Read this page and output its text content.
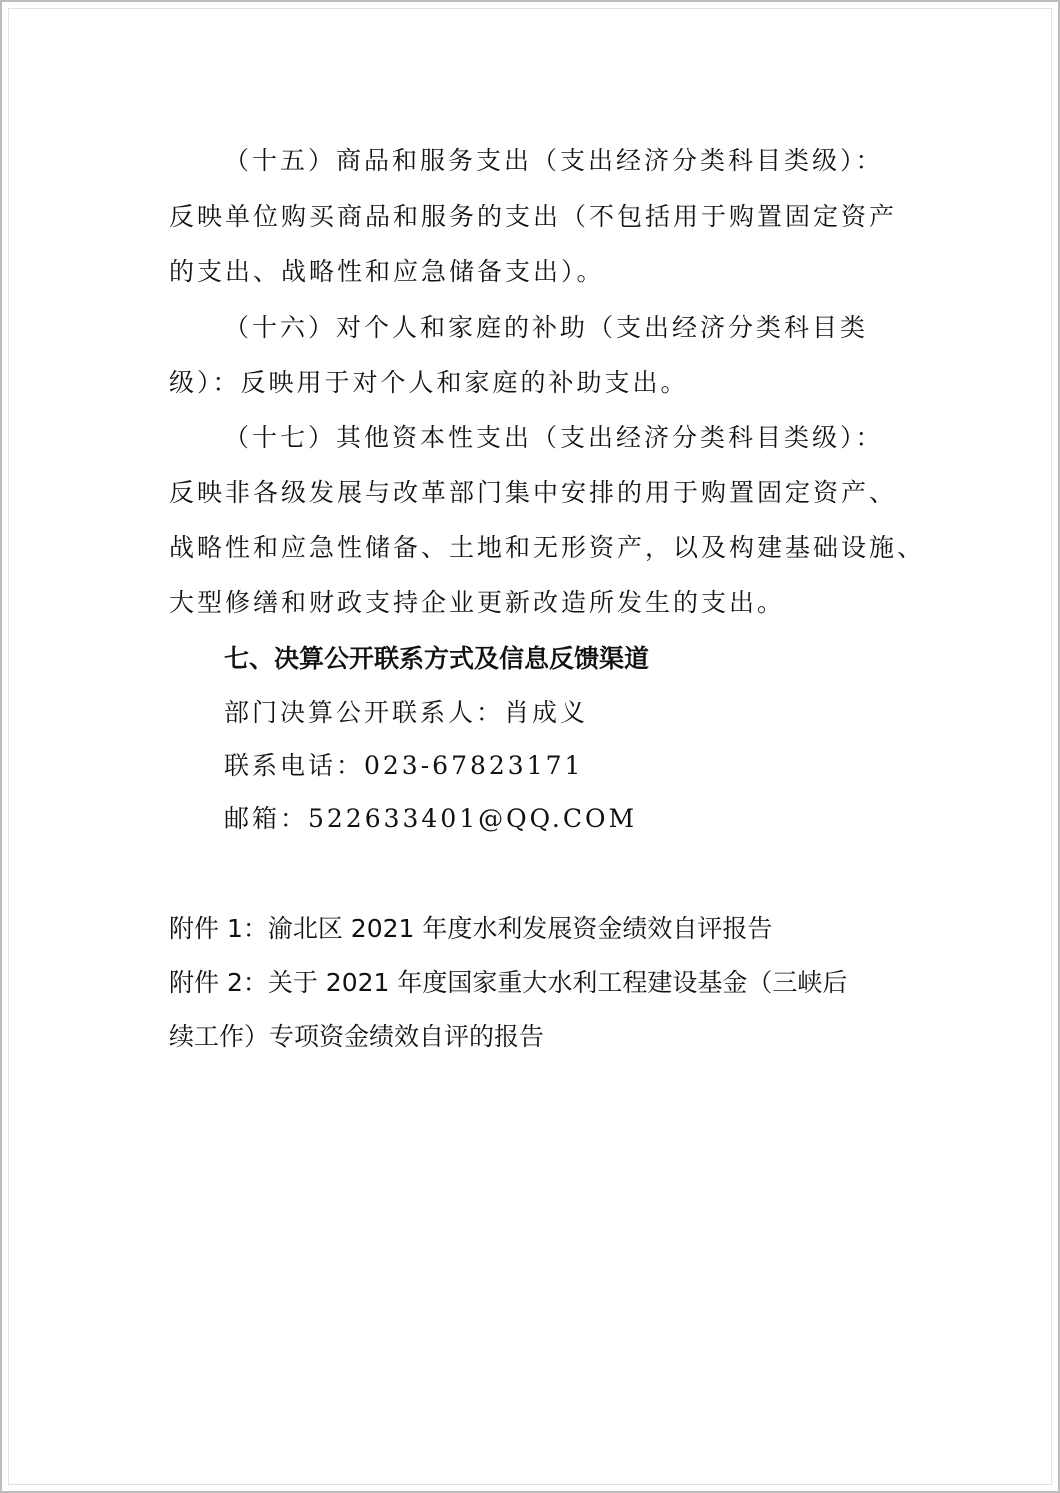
（十五）商品和服务支出（支出经济分类科目类级）：
反映单位购买商品和服务的支出（不包括用于购置固定资产
的支出、战略性和应急储备支出）。
（十六）对个人和家庭的补助（支出经济分类科目类
级）：反映用于对个人和家庭的补助支出。
（十七）其他资本性支出（支出经济分类科目类级）：
反映非各级发展与改革部门集中安排的用于购置固定资产、
战略性和应急性储备、土地和无形资产，以及构建基础设施、
大型修缮和财政支持企业更新改造所发生的支出。
七、决算公开联系方式及信息反馈渠道
部门决算公开联系人：肖成义
联系电话：023-67823171
邮箱：522633401@QQ.COM
附件 1：渝北区 2021 年度水利发展资金绩效自评报告
附件 2：关于 2021 年度国家重大水利工程建设基金（三峡后
续工作）专项资金绩效自评的报告
